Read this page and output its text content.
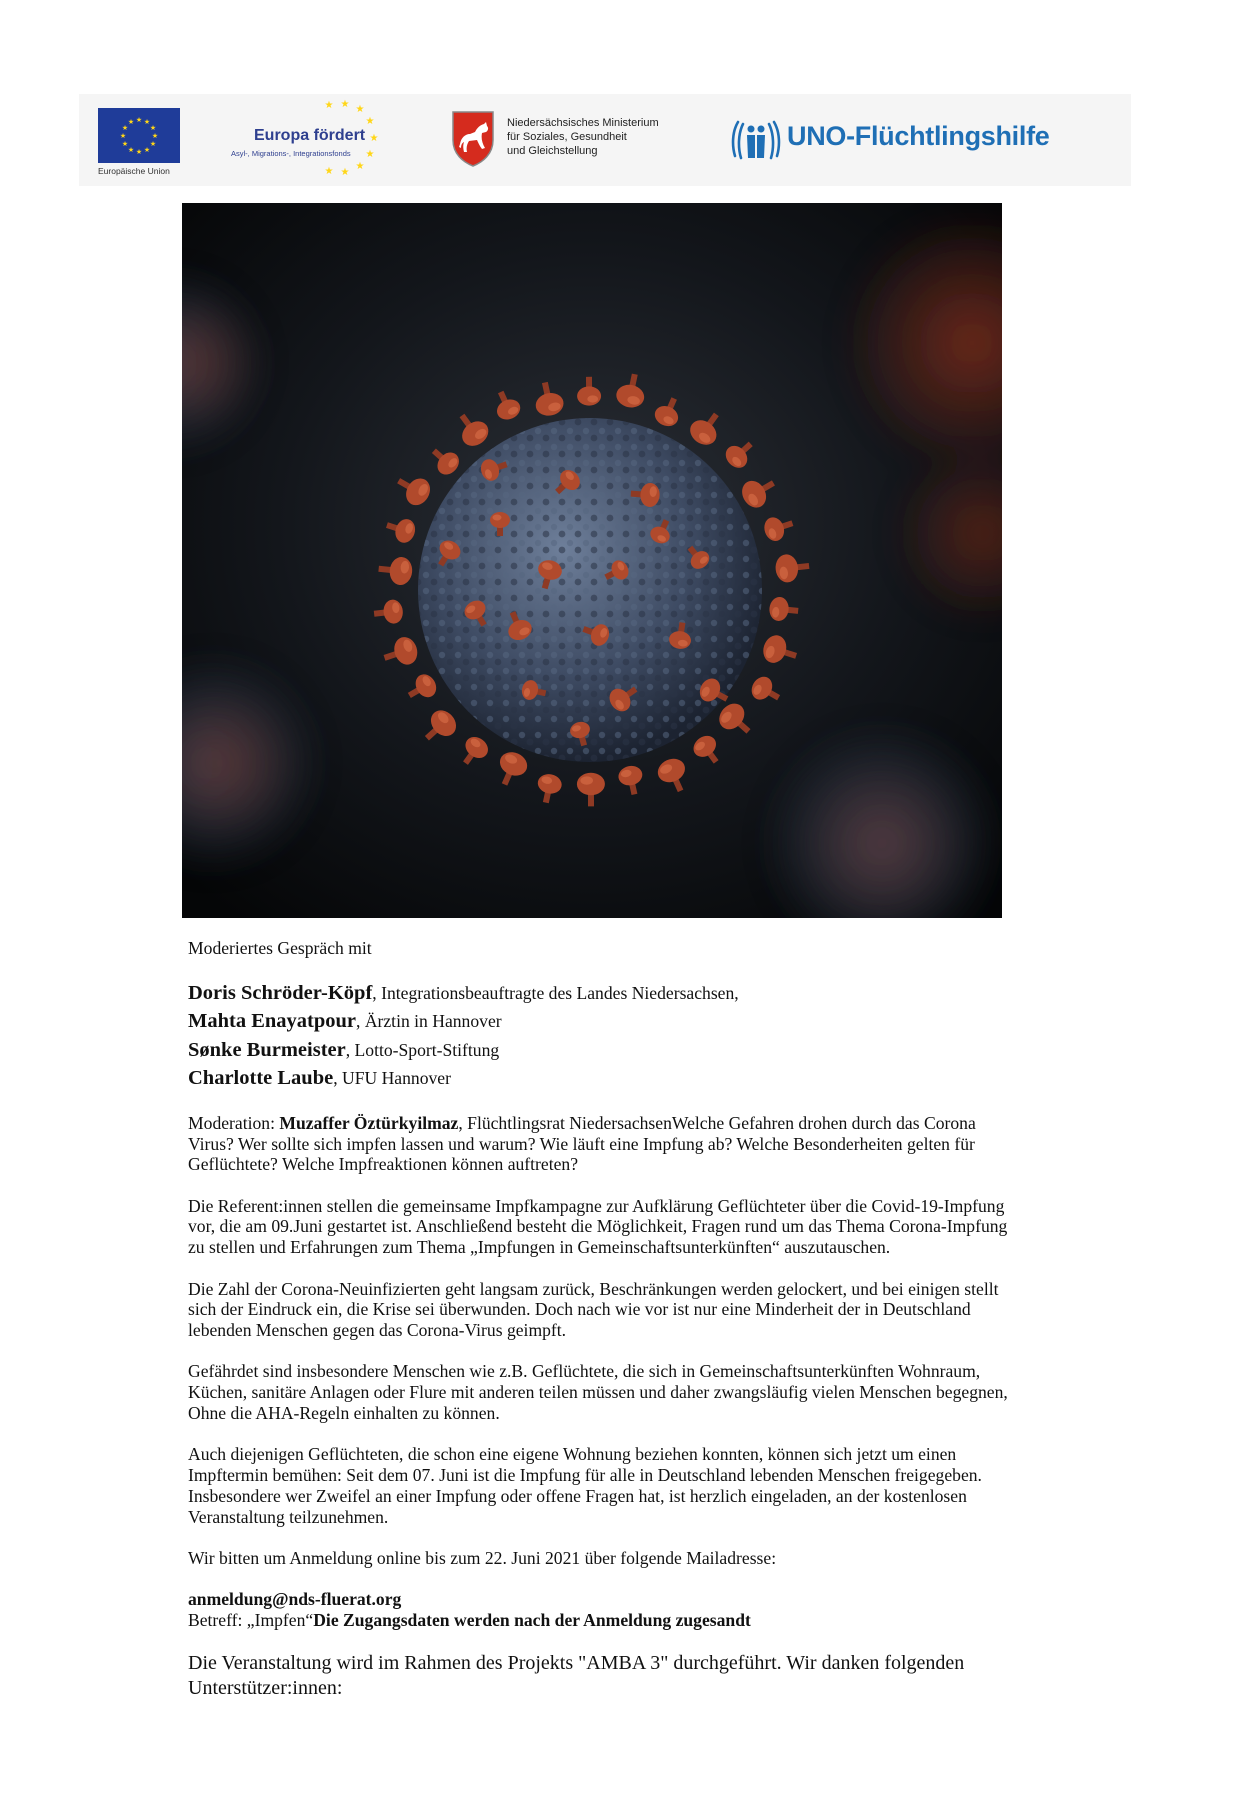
★ ★
★
★
★
★
★
★
★
★
★
★
Europäische Union
★ ★ ★
★
★
★
★
★
★
Europa fördert
Asyl-, Migrations-, Integrationsfonds
Niedersächsisches Ministerium
für Soziales, Gesundheit
und Gleichstellung	UNO-Flüchtlingshilfe

Moderiertes Gespräch mit

Doris Schröder-Köpf, Integrationsbeauftragte des Landes Niedersachsen,
Mahta Enayatpour, Ärztin in Hannover
Sønke Burmeister, Lotto-Sport-Stiftung
Charlotte Laube, UFU Hannover

Moderation: Muzaffer Öztürkyilmaz, Flüchtlingsrat NiedersachsenWelche Gefahren drohen durch das Corona Virus? Wer sollte sich impfen lassen und warum? Wie läuft eine Impfung ab? Welche Besonderheiten gelten für Geflüchtete? Welche Impfreaktionen können auftreten?

Die Referent:innen stellen die gemeinsame Impfkampagne zur Aufklärung Geflüchteter über die Covid-19-Impfung vor, die am 09.Juni gestartet ist. Anschließend besteht die Möglichkeit, Fragen rund um das Thema Corona-Impfung zu stellen und Erfahrungen zum Thema „Impfungen in Gemeinschaftsunterkünften“ auszutauschen.

Die Zahl der Corona-Neuinfizierten geht langsam zurück, Beschränkungen werden gelockert, und bei einigen stellt sich der Eindruck ein, die Krise sei überwunden. Doch nach wie vor ist nur eine Minderheit der in Deutschland lebenden Menschen gegen das Corona-Virus geimpft.

Gefährdet sind insbesondere Menschen wie z.B. Geflüchtete, die sich in Gemeinschaftsunterkünften Wohnraum, Küchen, sanitäre Anlagen oder Flure mit anderen teilen müssen und daher zwangsläufig vielen Menschen begegnen, Ohne die AHA-Regeln einhalten zu können.

Auch diejenigen Geflüchteten, die schon eine eigene Wohnung beziehen konnten, können sich jetzt um einen Impftermin bemühen: Seit dem 07. Juni ist die Impfung für alle in Deutschland lebenden Menschen freigegeben. Insbesondere wer Zweifel an einer Impfung oder offene Fragen hat, ist herzlich eingeladen, an der kostenlosen Veranstaltung teilzunehmen.

Wir bitten um Anmeldung online bis zum 22. Juni 2021 über folgende Mailadresse:

anmeldung@nds-fluerat.org
Betreff: „Impfen“Die Zugangsdaten werden nach der Anmeldung zugesandt

Die Veranstaltung wird im Rahmen des Projekts "AMBA 3" durchgeführt. Wir danken folgenden Unterstützer:innen:
